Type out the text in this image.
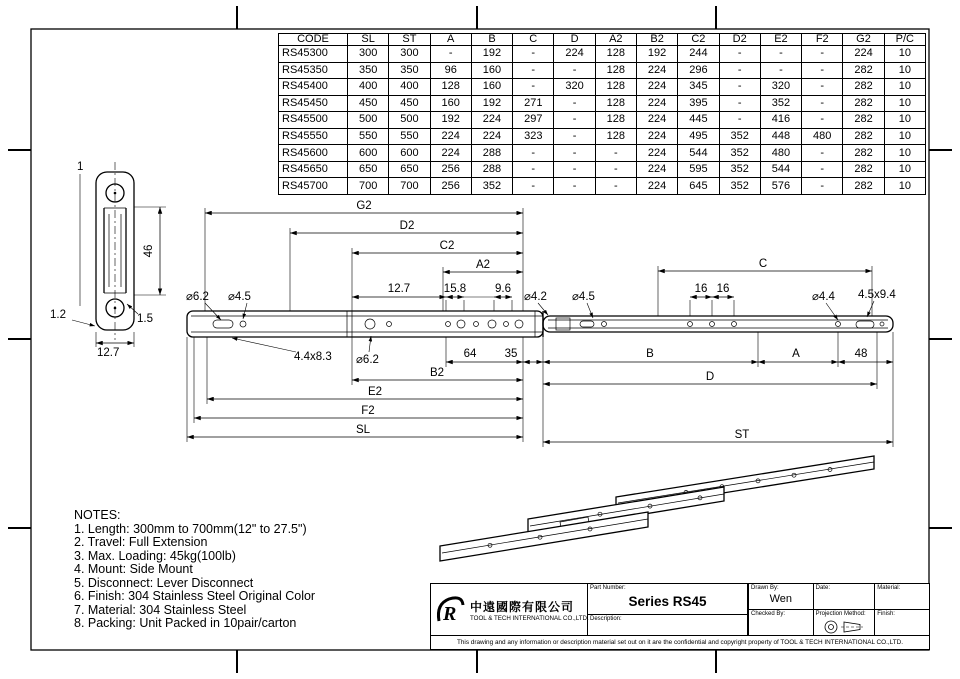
1
46
1.2	1.5
12.7
G2
D2
C2
A2
12.7	15.8	9.6
⌀6.2 ⌀4.5	⌀4.2 ⌀4.5
C
16 16
⌀4.4 4.5x9.4
4.4x8.3 ⌀6.2	64 35	B	A	48
B2	D
E2
F2
SL	ST
CODE	SL	ST	A	B	C	D	A2	B2	C2	D2	E2	F2	G2	P/C
RS45300	300	300	-	192	-	224	128	192	244	-	-	-	224	10
RS45350	350	350	96	160	-	-	128	224	296	-	-	-	282	10
RS45400	400	400	128	160	-	320	128	224	345	-	320	-	282	10
RS45450	450	450	160	192	271	-	128	224	395	-	352	-	282	10
RS45500	500	500	192	224	297	-	128	224	445	-	416	-	282	10
RS45550	550	550	224	224	323	-	128	224	495	352	448	480	282	10
RS45600	600	600	224	288	-	-	-	224	544	352	480	-	282	10
RS45650	650	650	256	288	-	-	-	224	595	352	544	-	282	10
RS45700	700	700	256	352	-	-	-	224	645	352	576	-	282	10
NOTES:
1. Length: 300mm to 700mm(12" to 27.5")
2. Travel: Full Extension
3. Max. Loading: 45kg(100lb)
4. Mount: Side Mount
5. Disconnect: Lever Disconnect
6. Finish: 304 Stainless Steel Original Color
7. Material: 304 Stainless Steel
8. Packing: Unit Packed in 10pair/carton	R 中遠國際有限公司
TOOL & TECH INTERNATIONAL CO.,LTD.
Part Number:
Series RS45
Description:
Drawn By:
Wen
Date:	Material:
Checked By:	Projection Method: Finish:
This drawing and any information or description material set out on it are the confidential and copyright property of TOOL & TECH INTERNATIONAL CO.,LTD.
